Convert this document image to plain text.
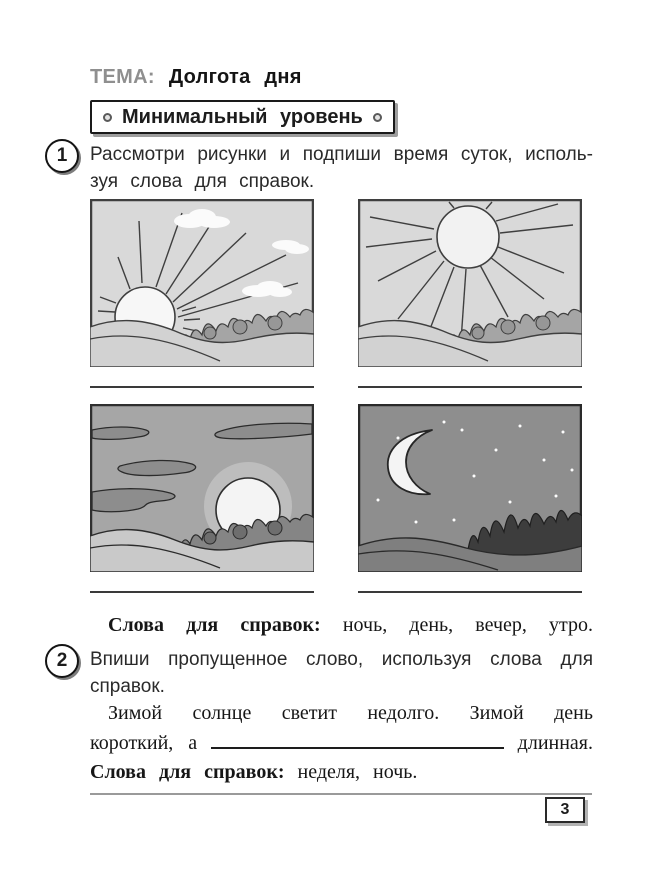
ТЕМА: Долгота дня
Минимальный уровень
1	Рассмотри рисунки и подпиши время суток, исполь-
зуя слова для справок.
Слова для справок: ночь, день, вечер, утро.
2	Впиши пропущенное слово, используя слова для
справок.
Зимой солнце светит недолго. Зимой день
короткий, а	длинная.
Слова для справок: неделя, ночь.
3
